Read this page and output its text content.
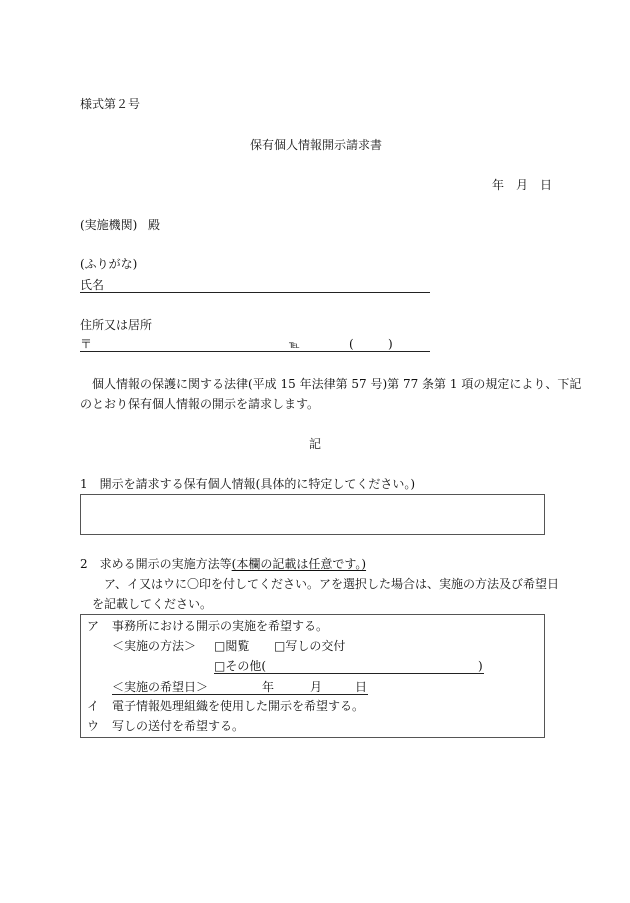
様式第２号
保有個人情報開示請求書
年 月 日
(実施機関) 殿
(ふりがな)
氏名
住所又は居所
〒	℡	(	)
個人情報の保護に関する法律(平成 15 年法律第 57 号)第 77 条第 1 項の規定により、下記
のとおり保有個人情報の開示を請求します。
記
1　開示を請求する保有個人情報(具体的に特定してください。)
2　求める開示の実施方法等(本欄の記載は任意です。)
ア、イ又はウに〇印を付してください。アを選択した場合は、実施の方法及び希望日
を記載してください。
ア 事務所における開示の実施を希望する。
＜実施の方法＞ □閲覧 □写しの交付
□その他(	)
＜実施の希望日＞	年	月	日
イ 電子情報処理組織を使用した開示を希望する。
ウ 写しの送付を希望する。
